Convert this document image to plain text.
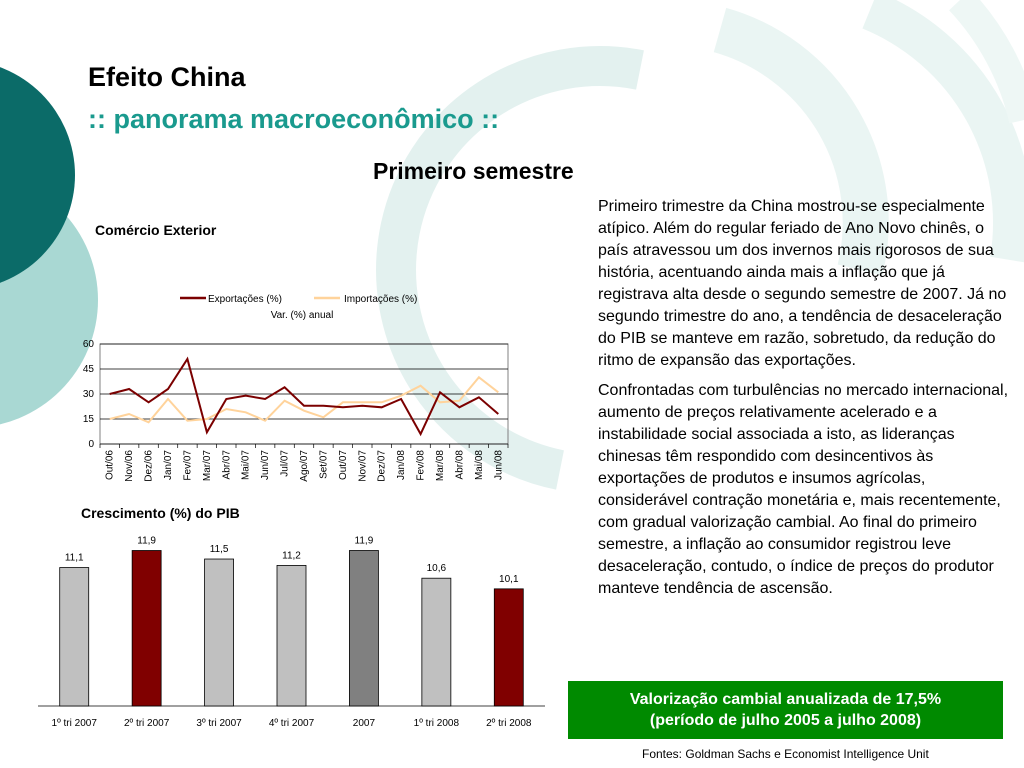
Efeito China
:: panorama macroeconômico ::
Primeiro semestre
Comércio Exterior
Exportações (%)	Importações (%)
Var. (%) anual
0
15
30
45
60
Out/06 Nov/06 Dez/06 Jan/07 Fev/07 Mar/07 Abr/07 Mai/07 Jun/07 Jul/07 Ago/07 Set/07 Out/07 Nov/07 Dez/07 Jan/08 Fev/08 Mar/08 Abr/08 Mai/08 Jun/08
Crescimento (%) do PIB
11,1
1º tri 2007
11,9
2º tri 2007
11,5
3º tri 2007
11,2
4º tri 2007
11,9
2007
10,6
1º tri 2008
10,1
2º tri 2008

Primeiro trimestre da China mostrou-se especialmente atípico. Além do regular feriado de Ano Novo chinês, o país atravessou um dos invernos mais rigorosos de sua história, acentuando ainda mais a inflação que já registrava alta desde o segundo semestre de 2007. Já no segundo trimestre do ano, a tendência de desaceleração do PIB se manteve em razão, sobretudo, da redução do ritmo de expansão das exportações.

Confrontadas com turbulências no mercado internacional, aumento de preços relativamente acelerado e a instabilidade social associada a isto, as lideranças chinesas têm respondido com desincentivos às exportações de produtos e insumos agrícolas, considerável contração monetária e, mais recentemente, com gradual valorização cambial. Ao final do primeiro semestre, a inflação ao consumidor registrou leve desaceleração, contudo, o índice de preços do produtor manteve tendência de ascensão.

Valorização cambial anualizada de 17,5%
(período de julho 2005 a julho 2008)
Fontes: Goldman Sachs e Economist Intelligence Unit
